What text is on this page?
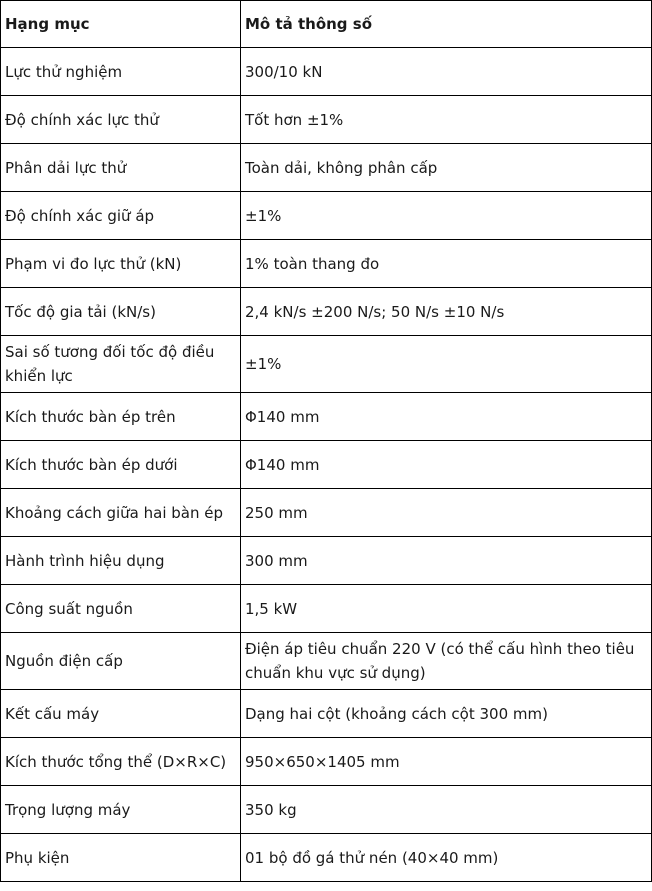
Hạng mục	Mô tả thông số
Lực thử nghiệm	300/10 kN
Độ chính xác lực thử	Tốt hơn ±1%
Phân dải lực thử	Toàn dải, không phân cấp
Độ chính xác giữ áp	±1%
Phạm vi đo lực thử (kN)	1% toàn thang đo
Tốc độ gia tải (kN/s)	2,4 kN/s ±200 N/s; 50 N/s ±10 N/s
Sai số tương đối tốc độ điều khiển lực	±1%
Kích thước bàn ép trên	Φ140 mm
Kích thước bàn ép dưới	Φ140 mm
Khoảng cách giữa hai bàn ép	250 mm
Hành trình hiệu dụng	300 mm
Công suất nguồn	1,5 kW
Nguồn điện cấp	Điện áp tiêu chuẩn 220 V (có thể cấu hình theo tiêu chuẩn khu vực sử dụng)
Kết cấu máy	Dạng hai cột (khoảng cách cột 300 mm)
Kích thước tổng thể (D×R×C)	950×650×1405 mm
Trọng lượng máy	350 kg
Phụ kiện	01 bộ đồ gá thử nén (40×40 mm)
